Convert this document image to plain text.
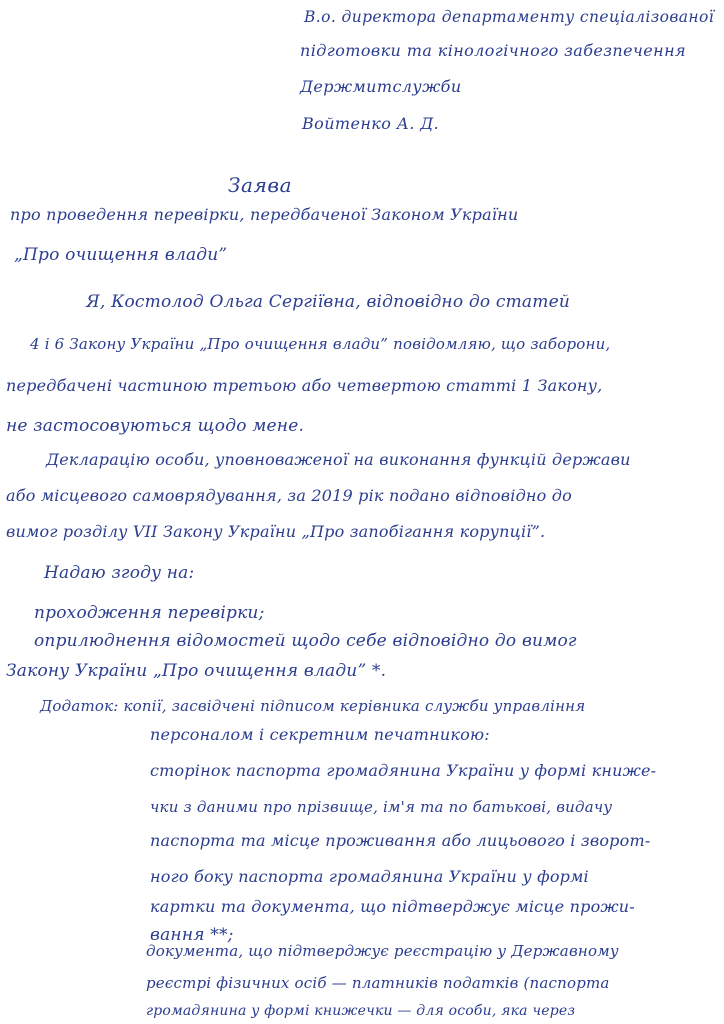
В.о. директора департаменту спеціалізованої
підготовки та кінологічного забезпечення
Держмитслужби
Войтенко А. Д.
Заява
про проведення перевірки, передбаченої Законом України
„Про очищення влади”
Я, Костолод Ольга Сергіївна, відповідно до статей
4 і 6 Закону України „Про очищення влади” повідомляю, що заборони,
передбачені частиною третьою або четвертою статті 1 Закону,
не застосовуються щодо мене.
Декларацію особи, уповноваженої на виконання функцій держави
або місцевого самоврядування, за 2019 рік подано відповідно до
вимог розділу VII Закону України „Про запобігання корупції”.
Надаю згоду на:
проходження перевірки;
оприлюднення відомостей щодо себе відповідно до вимог
Закону України „Про очищення влади” *.
Додаток: копії, засвідчені підписом керівника служби управління
персоналом і секретним печатникою:
сторінок паспорта громадянина України у формі книже-
чки з даними про прізвище, ім'я та по батькові, видачу
паспорта та місце проживання або лицьового і зворот-
ного боку паспорта громадянина України у формі
картки та документа, що підтверджує місце прожи-
вання **;
документа, що підтверджує реєстрацію у Державному
реєстрі фізичних осіб — платників податків (паспорта
громадянина у формі книжечки — для особи, яка через
